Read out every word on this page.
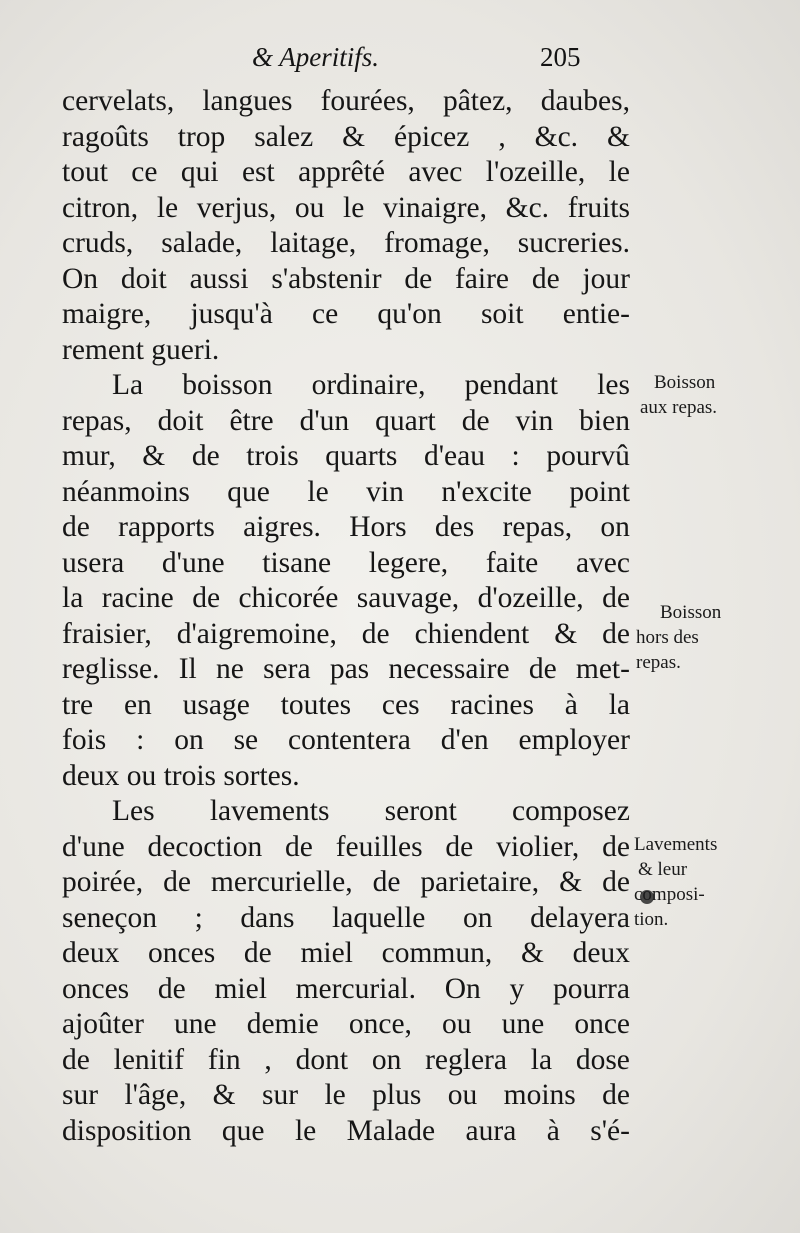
& Aperitifs.	205
cervelats, langues fourées, pâtez, daubes,
ragoûts trop salez & épicez , &c. &
tout ce qui est apprêté avec l'ozeille, le
citron, le verjus, ou le vinaigre, &c. fruits
cruds, salade, laitage, fromage, sucreries.
On doit aussi s'abstenir de faire de jour
maigre, jusqu'à ce qu'on soit entie-
rement gueri.
La boisson ordinaire, pendant les
repas, doit être d'un quart de vin bien
mur, & de trois quarts d'eau : pourvû
néanmoins que le vin n'excite point
de rapports aigres. Hors des repas, on
usera d'une tisane legere, faite avec
la racine de chicorée sauvage, d'ozeille, de
fraisier, d'aigremoine, de chiendent & de
reglisse. Il ne sera pas necessaire de met-
tre en usage toutes ces racines à la
fois : on se contentera d'en employer
deux ou trois sortes.
Les lavements seront composez
d'une decoction de feuilles de violier, de
poirée, de mercurielle, de parietaire, & de
seneçon ; dans laquelle on delayera
deux onces de miel commun, & deux
onces de miel mercurial. On y pourra
ajoûter une demie once, ou une once
de lenitif fin , dont on reglera la dose
sur l'âge, & sur le plus ou moins de
disposition que le Malade aura à s'é-
Boisson
aux repas.
Boisson
hors des
repas.
Lavements
& leur
composi-
tion.
